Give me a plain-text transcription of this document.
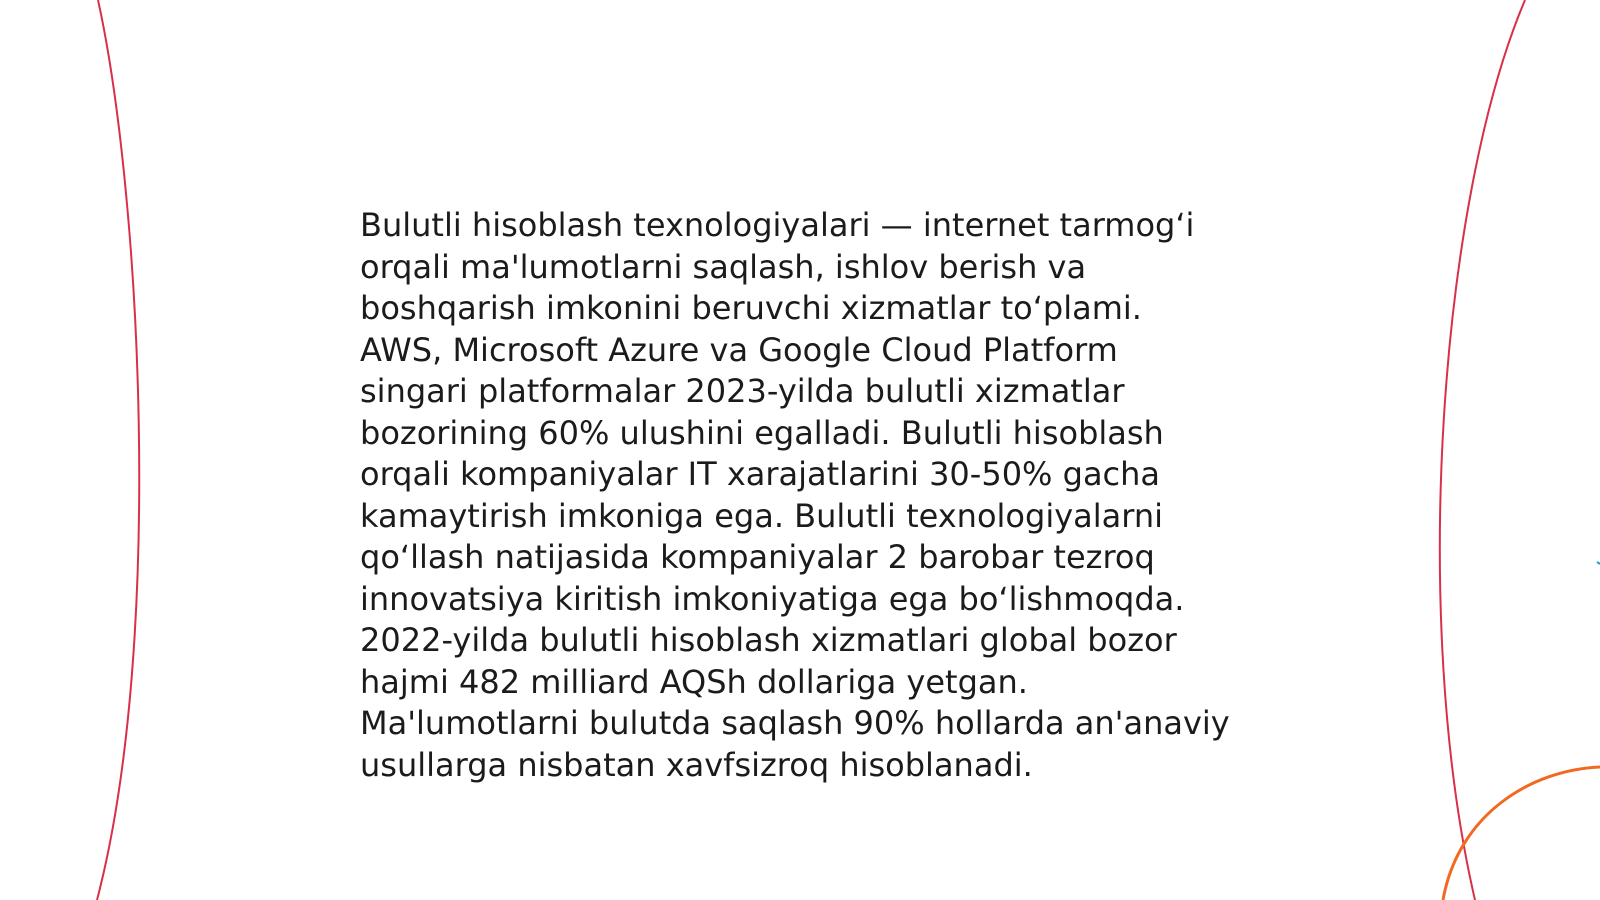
Bulutli hisoblash texnologiyalari — internet tarmog‘i
orqali ma'lumotlarni saqlash, ishlov berish va
boshqarish imkonini beruvchi xizmatlar to‘plami.
AWS, Microsoft Azure va Google Cloud Platform
singari platformalar 2023-yilda bulutli xizmatlar
bozorining 60% ulushini egalladi. Bulutli hisoblash
orqali kompaniyalar IT xarajatlarini 30-50% gacha
kamaytirish imkoniga ega. Bulutli texnologiyalarni
qo‘llash natijasida kompaniyalar 2 barobar tezroq
innovatsiya kiritish imkoniyatiga ega bo‘lishmoqda.
2022-yilda bulutli hisoblash xizmatlari global bozor
hajmi 482 milliard AQSh dollariga yetgan.
Ma'lumotlarni bulutda saqlash 90% hollarda an'anaviy
usullarga nisbatan xavfsizroq hisoblanadi.
